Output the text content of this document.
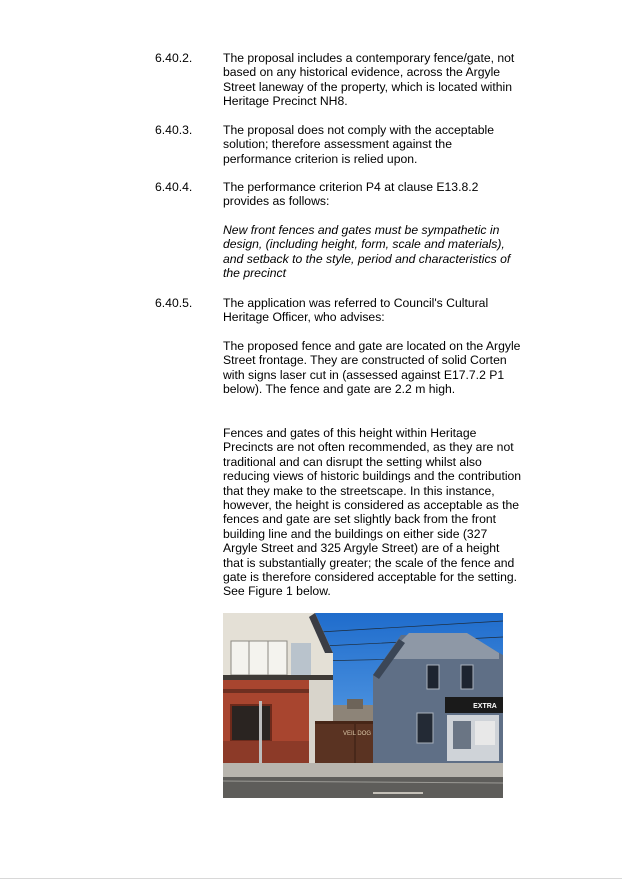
6.40.2.	The proposal includes a contemporary fence/gate, not based on any historical evidence, across the Argyle Street laneway of the property, which is located within Heritage Precinct NH8.
6.40.3.	The proposal does not comply with the acceptable solution; therefore assessment against the performance criterion is relied upon.
6.40.4.	The performance criterion P4 at clause E13.8.2 provides as follows:
New front fences and gates must be sympathetic in design, (including height, form, scale and materials), and setback to the style, period and characteristics of the precinct
6.40.5.	The application was referred to Council's Cultural Heritage Officer, who advises:
The proposed fence and gate are located on the Argyle Street frontage. They are constructed of solid Corten with signs laser cut in (assessed against E17.7.2 P1 below). The fence and gate are 2.2 m high.
Fences and gates of this height within Heritage Precincts are not often recommended, as they are not traditional and can disrupt the setting whilst also reducing views of historic buildings and the contribution that they make to the streetscape. In this instance, however, the height is considered as acceptable as the fences and gate are set slightly back from the front building line and the buildings on either side (327 Argyle Street and 325 Argyle Street) are of a height that is substantially greater; the scale of the fence and gate is therefore considered acceptable for the setting. See Figure 1 below.
VEIL DOG
EXTRA
